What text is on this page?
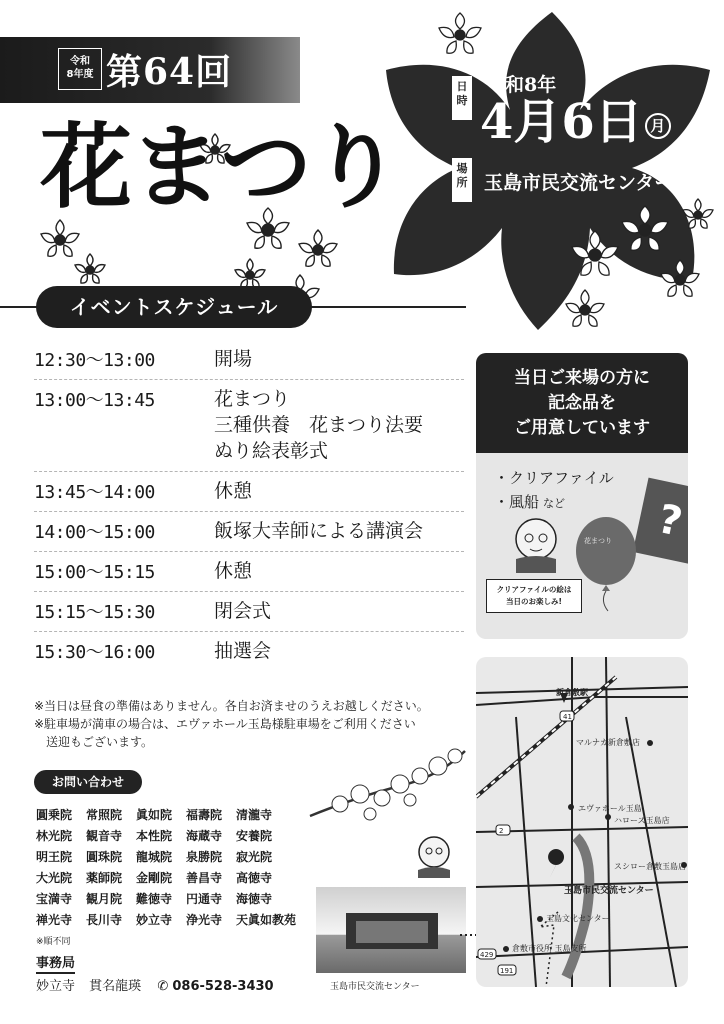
令和
8年度 第64回
花まつり
日時
場所
令和8年
4月6日 月
玉島市民交流センター
イベントスケジュール
12:30〜13:00	開場
13:00〜13:45	花まつり
三種供養　花まつり法要
ぬり絵表彰式
13:45〜14:00	休憩
14:00〜15:00	飯塚大幸師による講演会
15:00〜15:15	休憩
15:15〜15:30	閉会式
15:30〜16:00	抽選会
※当日は昼食の準備はありません。各自お済ませのうえお越しください。
※駐車場が満車の場合は、エヴァホール玉島様駐車場をご利用ください
送迎もございます。
当日ご来場の方に
記念品を
ご用意しています
・クリアファイル
・風船 など	?
花まつり
クリアファイルの絵は
当日のお楽しみ!
お問い合わせ
圓乗院 常照院 眞如院 福壽院 清瀧寺
林光院 観音寺 本性院 海蔵寺 安養院
明王院 圓珠院 龍城院 泉勝院 寂光院
大光院 薬師院 金剛院 善昌寺 高徳寺
宝満寺 観月院 難徳寺 円通寺 海徳寺
禅光寺 長川寺 妙立寺 浄光寺 天眞如教苑
※順不同
事務局
妙立寺 貫名龍瑛 ✆ 086-528-3430	玉島市民交流センター
新倉敷駅
41
2
429
191
マルナカ新倉敷店
エヴァホール玉島
ハローズ玉島店
スシロー倉敷玉島店
玉島市民交流センター
玉島文化センター
倉敷市役所 玉島支所
